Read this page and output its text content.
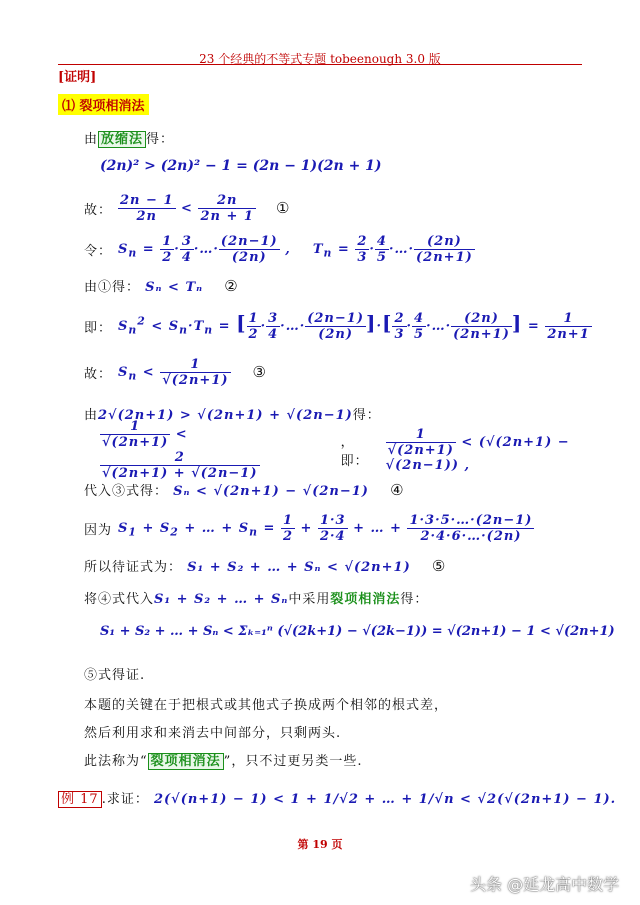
23 个经典的不等式专题 tobeenough 3.0 版
[证明]
⑴ 裂项相消法
由 放缩法 得：
(2n)² > (2n)² − 1 = (2n − 1)(2n + 1)
故： $\frac{2n - 1}{2n} < \frac{2n}{2n + 1}$ ①
令： $S_n = \frac{1}{2} \cdot \frac{3}{4}$ ·…· $\frac{(2n-1)}{(2n)}$ ,    $T_n = \frac{2}{3} \cdot \frac{4}{5}$ ·…· $\frac{(2n)}{(2n+1)}$
由①得： Sₙ < Tₙ ②
即： $S_n^2 < S_n\cdot T_n$ = [ $\frac{1}{2} \cdot \frac{3}{4}$ ·…· $\frac{(2n-1)}{(2n)}$ ]·[ $\frac{2}{3} \cdot \frac{4}{5}$ ·…· $\frac{(2n)}{(2n+1)}$ ] = $\frac{1}{2n+1}$
故： $S_n < \frac{1}{√(2n+1)}$ ③
由2√(2n+1) > √(2n+1) + √(2n−1)得：
$\frac{1}{√(2n+1)}$ <
$\frac{2}{√(2n+1) + √(2n-1)}$
，即：
$\frac{1}{√(2n+1)} < (√(2n+1) - √(2n-1))$ ,
代入③式得： Sₙ < √(2n+1) − √(2n−1) ④
因为 $S_1 + S_2$ + … + $S_n = \frac{1}{2} + \frac{1\cdot 3}{2\cdot 4}$ + … + $\frac{1\cdot 3\cdot 5\cdot\dots\cdot(2n-1)}{2\cdot 4\cdot 6\cdot\dots\cdot(2n)}$
所以待证式为： S₁ + S₂ + … + Sₙ < √(2n+1) ⑤
将④式代入S₁ + S₂ + … + Sₙ中采用裂项相消法得：
S₁ + S₂ + … + Sₙ < Σₖ₌₁ⁿ (√(2k+1) − √(2k−1)) = √(2n+1) − 1 < √(2n+1)
⑤式得证.
本题的关键在于把根式或其他式子换成两个相邻的根式差，
然后利用求和来消去中间部分，只剩两头.
此法称为“ 裂项相消法 ”，只不过更另类一些.
例 17 .求证： 2(√(n+1) − 1) < 1 + 1/√2 + … + 1/√n < √2(√(2n+1) − 1).
第 19 页
头条 @延龙高中数学
